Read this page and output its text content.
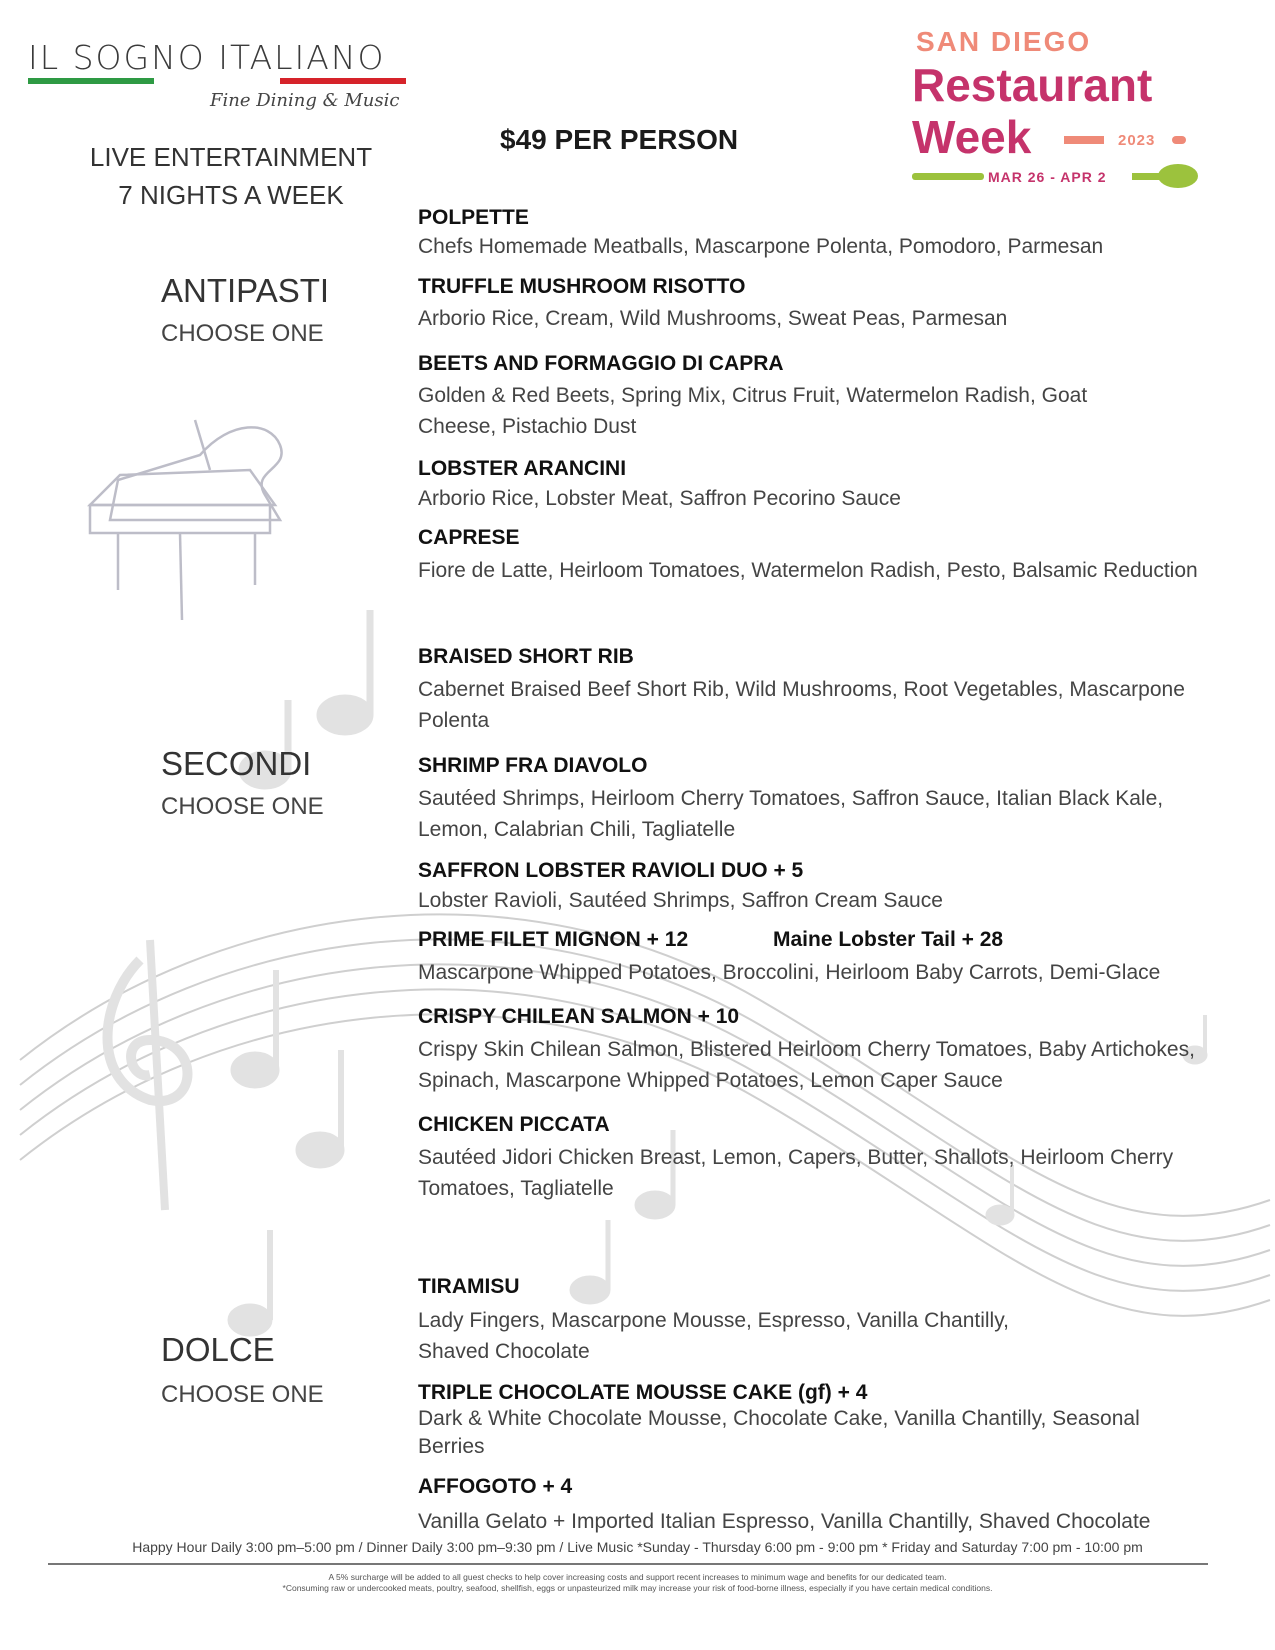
IL SOGNO ITALIANO
Fine Dining & Music
SAN DIEGO
Restaurant
Week	2023
MAR 26 - APR 2
$49 PER PERSON
LIVE ENTERTAINMENT
7 NIGHTS A WEEK
ANTIPASTI
CHOOSE ONE
POLPETTE
Chefs Homemade Meatballs, Mascarpone Polenta, Pomodoro, Parmesan
TRUFFLE MUSHROOM RISOTTO
Arborio Rice, Cream, Wild Mushrooms, Sweat Peas, Parmesan
BEETS AND FORMAGGIO DI CAPRA
Golden & Red Beets, Spring Mix, Citrus Fruit, Watermelon Radish, Goat Cheese, Pistachio Dust
LOBSTER ARANCINI
Arborio Rice, Lobster Meat, Saffron Pecorino Sauce
CAPRESE
Fiore de Latte, Heirloom Tomatoes, Watermelon Radish, Pesto, Balsamic Reduction
SECONDI
CHOOSE ONE
BRAISED SHORT RIB
Cabernet Braised Beef Short Rib, Wild Mushrooms, Root Vegetables, Mascarpone Polenta
SHRIMP FRA DIAVOLO
Sautéed Shrimps, Heirloom Cherry Tomatoes, Saffron Sauce, Italian Black Kale, Lemon, Calabrian Chili, Tagliatelle
SAFFRON LOBSTER RAVIOLI DUO + 5
Lobster Ravioli, Sautéed Shrimps, Saffron Cream Sauce
PRIME FILET MIGNON + 12	Maine Lobster Tail + 28
Mascarpone Whipped Potatoes, Broccolini, Heirloom Baby Carrots, Demi-Glace
CRISPY CHILEAN SALMON + 10
Crispy Skin Chilean Salmon, Blistered Heirloom Cherry Tomatoes, Baby Artichokes, Spinach, Mascarpone Whipped Potatoes, Lemon Caper Sauce
CHICKEN PICCATA
Sautéed Jidori Chicken Breast, Lemon, Capers, Butter, Shallots, Heirloom Cherry Tomatoes, Tagliatelle
DOLCE
CHOOSE ONE
TIRAMISU
Lady Fingers, Mascarpone Mousse, Espresso, Vanilla Chantilly, Shaved Chocolate
TRIPLE CHOCOLATE MOUSSE CAKE (gf) + 4
Dark & White Chocolate Mousse, Chocolate Cake, Vanilla Chantilly, Seasonal Berries
AFFOGOTO + 4
Vanilla Gelato + Imported Italian Espresso, Vanilla Chantilly, Shaved Chocolate
Happy Hour Daily 3:00 pm–5:00 pm / Dinner Daily 3:00 pm–9:30 pm / Live Music *Sunday - Thursday 6:00 pm - 9:00 pm * Friday and Saturday 7:00 pm - 10:00 pm
A 5% surcharge will be added to all guest checks to help cover increasing costs and support recent increases to minimum wage and benefits for our dedicated team.
*Consuming raw or undercooked meats, poultry, seafood, shellfish, eggs or unpasteurized milk may increase your risk of food-borne illness, especially if you have certain medical conditions.
